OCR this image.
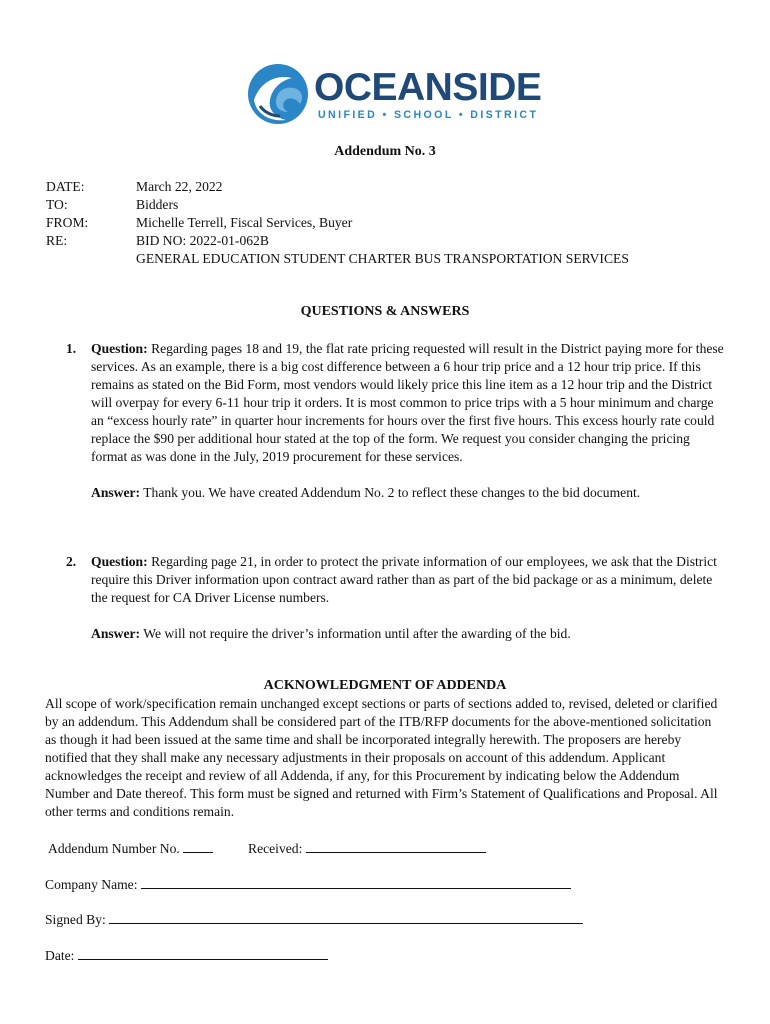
OCEANSIDE
UNIFIED • SCHOOL • DISTRICT
Addendum No. 3
DATE:	March 22, 2022
TO:	Bidders
FROM:	Michelle Terrell, Fiscal Services, Buyer
RE:	BID NO: 2022-01-062B
GENERAL EDUCATION STUDENT CHARTER BUS TRANSPORTATION SERVICES
QUESTIONS & ANSWERS
1. Question: Regarding pages 18 and 19, the flat rate pricing requested will result in the District paying more for these services. As an example, there is a big cost difference between a 6 hour trip price and a 12 hour trip price. If this remains as stated on the Bid Form, most vendors would likely price this line item as a 12 hour trip and the District will overpay for every 6-11 hour trip it orders. It is most common to price trips with a 5 hour minimum and charge an “excess hourly rate” in quarter hour increments for hours over the first five hours. This excess hourly rate could replace the $90 per additional hour stated at the top of the form. We request you consider changing the pricing format as was done in the July, 2019 procurement for these services.
Answer: Thank you. We have created Addendum No. 2 to reflect these changes to the bid document.
2. Question: Regarding page 21, in order to protect the private information of our employees, we ask that the District require this Driver information upon contract award rather than as part of the bid package or as a minimum, delete the request for CA Driver License numbers.
Answer: We will not require the driver’s information until after the awarding of the bid.
ACKNOWLEDGMENT OF ADDENDA
All scope of work/specification remain unchanged except sections or parts of sections added to, revised, deleted or clarified by an addendum. This Addendum shall be considered part of the ITB/RFP documents for the above-mentioned solicitation as though it had been issued at the same time and shall be incorporated integrally herewith. The proposers are hereby notified that they shall make any necessary adjustments in their proposals on account of this addendum. Applicant acknowledges the receipt and review of all Addenda, if any, for this Procurement by indicating below the Addendum Number and Date thereof. This form must be signed and returned with Firm’s Statement of Qualifications and Proposal. All other terms and conditions remain.
Addendum Number No.	Received:
Company Name:
Signed By:
Date:
